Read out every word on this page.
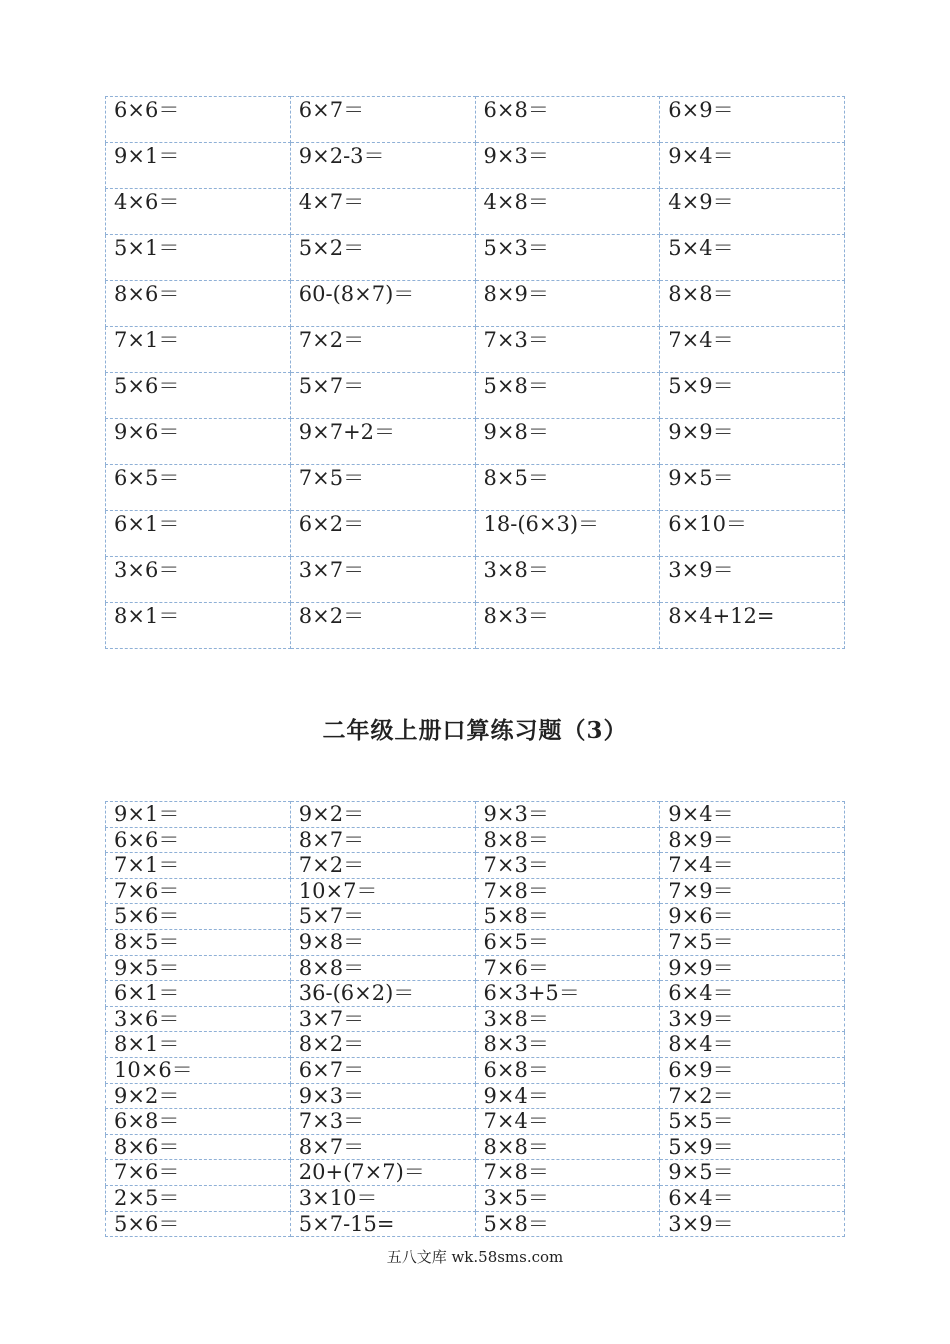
6×6＝	6×7＝	6×8＝	6×9＝
9×1＝	9×2-3＝	9×3＝	9×4＝
4×6＝	4×7＝	4×8＝	4×9＝
5×1＝	5×2＝	5×3＝	5×4＝
8×6＝	60-(8×7)＝	8×9＝	8×8＝
7×1＝	7×2＝	7×3＝	7×4＝
5×6＝	5×7＝	5×8＝	5×9＝
9×6＝	9×7+2＝	9×8＝	9×9＝
6×5＝	7×5＝	8×5＝	9×5＝
6×1＝	6×2＝	18-(6×3)＝	6×10＝
3×6＝	3×7＝	3×8＝	3×9＝
8×1＝	8×2＝	8×3＝	8×4+12=
二年级上册口算练习题（3）
9×1＝	9×2＝	9×3＝	9×4＝
6×6＝	8×7＝	8×8＝	8×9＝
7×1＝	7×2＝	7×3＝	7×4＝
7×6＝	10×7＝	7×8＝	7×9＝
5×6＝	5×7＝	5×8＝	9×6＝
8×5＝	9×8＝	6×5＝	7×5＝
9×5＝	8×8＝	7×6＝	9×9＝
6×1＝	36-(6×2)＝	6×3+5＝	6×4＝
3×6＝	3×7＝	3×8＝	3×9＝
8×1＝	8×2＝	8×3＝	8×4＝
10×6＝	6×7＝	6×8＝	6×9＝
9×2＝	9×3＝	9×4＝	7×2＝
6×8＝	7×3＝	7×4＝	5×5＝
8×6＝	8×7＝	8×8＝	5×9＝
7×6＝	20+(7×7)＝	7×8＝	9×5＝
2×5＝	3×10＝	3×5＝	6×4＝
5×6＝	5×7-15=	5×8＝	3×9＝
五八文库 wk.58sms.com
